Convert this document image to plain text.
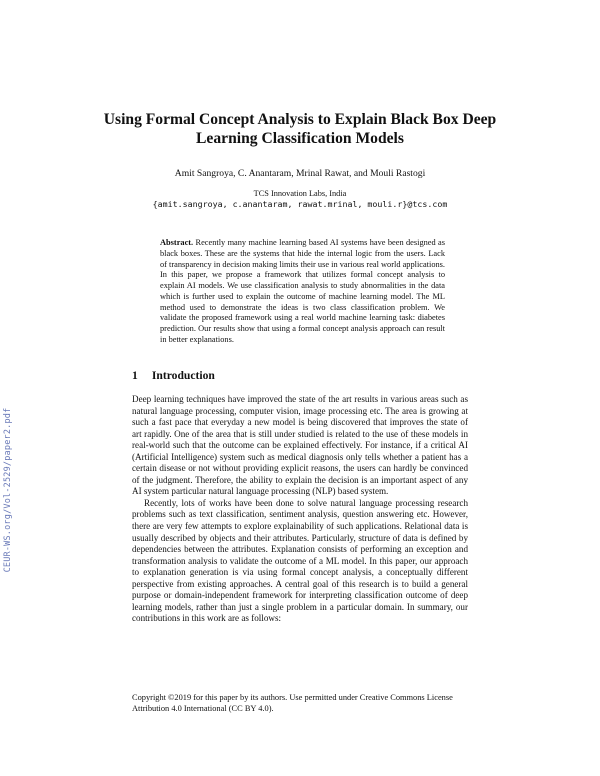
CEUR-WS.org/Vol-2529/paper2.pdf
Using Formal Concept Analysis to Explain Black Box Deep Learning Classification Models
Amit Sangroya, C. Anantaram, Mrinal Rawat, and Mouli Rastogi
TCS Innovation Labs, India
{amit.sangroya, c.anantaram, rawat.mrinal, mouli.r}@tcs.com
Abstract. Recently many machine learning based AI systems have been designed as black boxes. These are the systems that hide the internal logic from the users. Lack of transparency in decision making limits their use in various real world applications. In this paper, we propose a framework that utilizes formal concept analysis to explain AI models. We use classification analysis to study abnormalities in the data which is further used to explain the outcome of machine learning model. The ML method used to demonstrate the ideas is two class classification problem. We validate the proposed framework using a real world machine learning task: diabetes prediction. Our results show that using a formal concept analysis approach can result in better explanations.
1 Introduction

Deep learning techniques have improved the state of the art results in various areas such as natural language processing, computer vision, image processing etc. The area is growing at such a fast pace that everyday a new model is being discovered that improves the state of art rapidly. One of the area that is still under studied is related to the use of these models in real-world such that the outcome can be explained effectively. For instance, if a critical AI (Artificial Intelligence) system such as medical diagnosis only tells whether a patient has a certain disease or not without providing explicit reasons, the users can hardly be convinced of the judgment. Therefore, the ability to explain the decision is an important aspect of any AI system particular natural language processing (NLP) based system.

Recently, lots of works have been done to solve natural language processing research problems such as text classification, sentiment analysis, question answering etc. However, there are very few attempts to explore explainability of such applications. Relational data is usually described by objects and their attributes. Particularly, structure of data is defined by dependencies between the attributes. Explanation consists of performing an exception and transformation analysis to validate the outcome of a ML model. In this paper, our approach to explanation generation is via using formal concept analysis, a conceptually different perspective from existing approaches. A central goal of this research is to build a general purpose or domain-independent framework for interpreting classification outcome of deep learning models, rather than just a single problem in a particular domain. In summary, our contributions in this work are as follows:

Copyright ©2019 for this paper by its authors. Use permitted under Creative Commons License Attribution 4.0 International (CC BY 4.0).
